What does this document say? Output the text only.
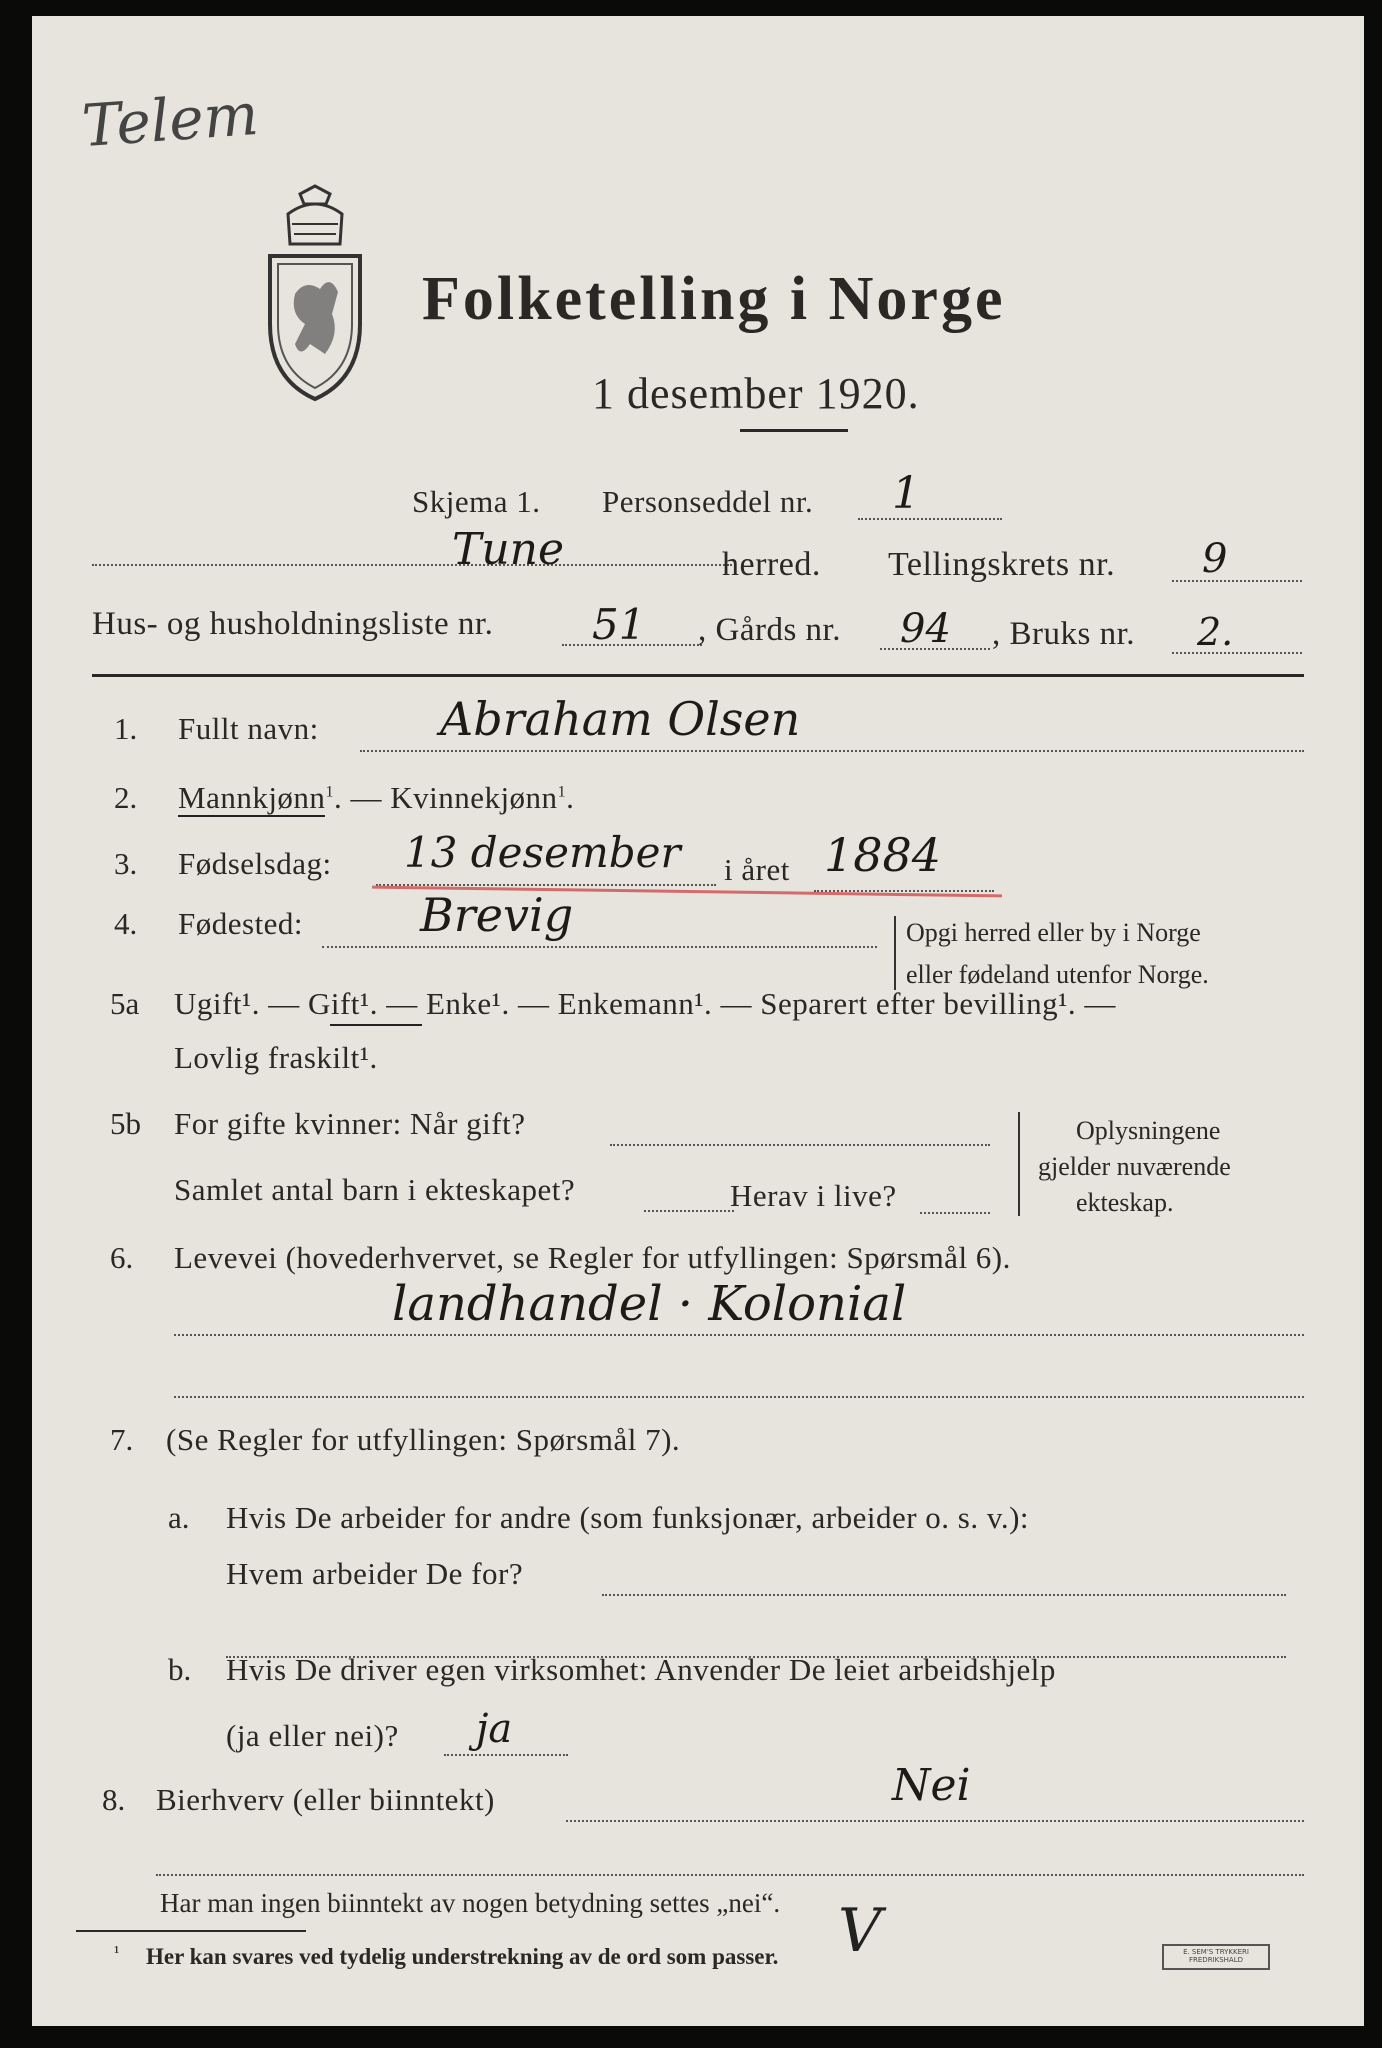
Telem
Folketelling i Norge
1 desember 1920.
Skjema 1. Personseddel nr. 1
Tune	herred. Tellingskrets nr. 9
Hus- og husholdningsliste nr. 51 , Gårds nr. 94 , Bruks nr. 2.
1. Fullt navn:	Abraham Olsen
2. Mannkjønn$^1$. — Kvinnekjønn$^1$.
3. Fødselsdag: 13 desember i året 1884
4. Fødested:	Brevig	Opgi herred eller by i Norge
eller fødeland utenfor Norge.
5a Ugift¹. — Gift¹. — Enke¹. — Enkemann¹. — Separert efter bevilling¹. —
Lovlig fraskilt¹.
5b For gifte kvinner: Når gift?
Samlet antal barn i ekteskapet?	Herav i live?
Oplysningene
gjelder nuværende
ekteskap.
6. Levevei (hovederhvervet, se Regler for utfyllingen: Spørsmål 6).
landhandel · Kolonial
7. (Se Regler for utfyllingen: Spørsmål 7).
a. Hvis De arbeider for andre (som funksjonær, arbeider o. s. v.):
Hvem arbeider De for?
b. Hvis De driver egen virksomhet: Anvender De leiet arbeidshjelp
(ja eller nei)? ja
8. Bierhverv (eller biinntekt)	Nei
Har man ingen biinntekt av nogen betydning settes „nei“.
¹ Her kan svares ved tydelig understrekning av de ord som passer. V	E. SEM'S TRYKKERI FREDRIKSHALD
